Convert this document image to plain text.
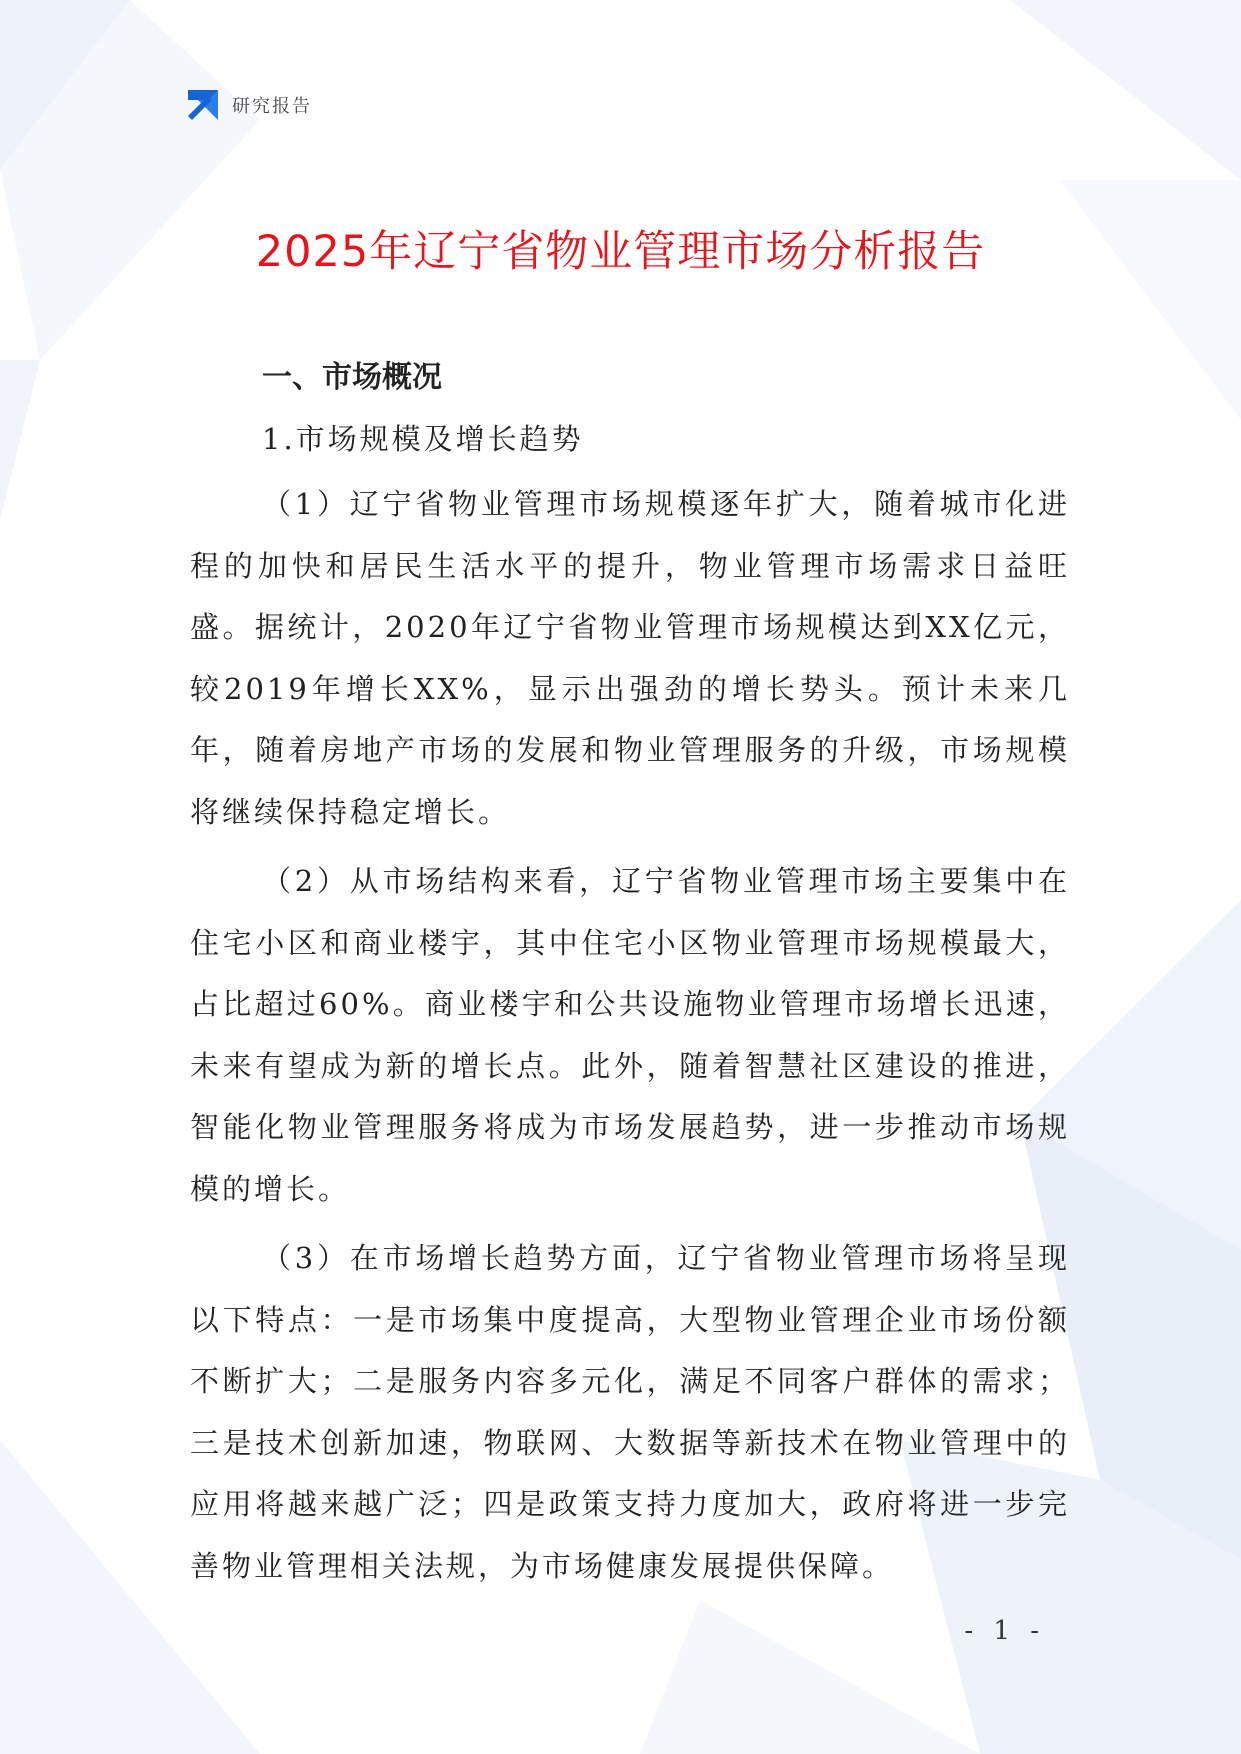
研究报告
2025年辽宁省物业管理市场分析报告
一、市场概况
1.市场规模及增长趋势

（1）辽宁省物业管理市场规模逐年扩大，随着城市化进程的加快和居民生活水平的提升，物业管理市场需求日益旺盛。据统计，2020年辽宁省物业管理市场规模达到XX亿元，较2019年增长XX%，显示出强劲的增长势头。预计未来几年，随着房地产市场的发展和物业管理服务的升级，市场规模将继续保持稳定增长。

（2）从市场结构来看，辽宁省物业管理市场主要集中在住宅小区和商业楼宇，其中住宅小区物业管理市场规模最大，占比超过60%。商业楼宇和公共设施物业管理市场增长迅速，未来有望成为新的增长点。此外，随着智慧社区建设的推进，智能化物业管理服务将成为市场发展趋势，进一步推动市场规模的增长。

（3）在市场增长趋势方面，辽宁省物业管理市场将呈现以下特点：一是市场集中度提高，大型物业管理企业市场份额不断扩大；二是服务内容多元化，满足不同客户群体的需求；三是技术创新加速，物联网、大数据等新技术在物业管理中的应用将越来越广泛；四是政策支持力度加大，政府将进一步完善物业管理相关法规，为市场健康发展提供保障。

- 1 -
